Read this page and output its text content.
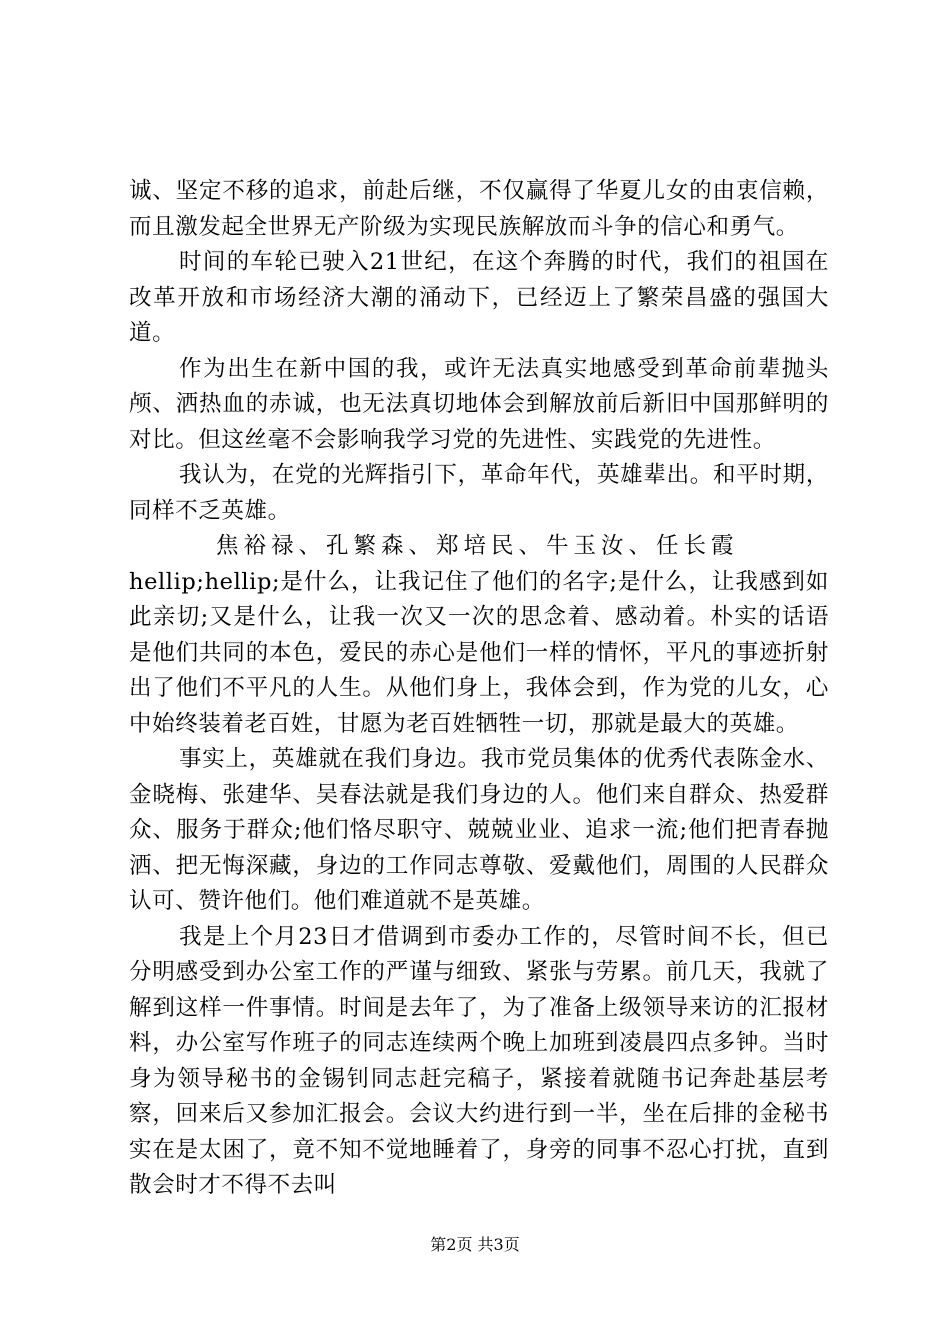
诚、坚定不移的追求，前赴后继，不仅赢得了华夏儿女的由衷信赖，而且激发起全世界无产阶级为实现民族解放而斗争的信心和勇气。

时间的车轮已驶入21世纪，在这个奔腾的时代，我们的祖国在改革开放和市场经济大潮的涌动下，已经迈上了繁荣昌盛的强国大道。

作为出生在新中国的我，或许无法真实地感受到革命前辈抛头颅、洒热血的赤诚，也无法真切地体会到解放前后新旧中国那鲜明的对比。但这丝毫不会影响我学习党的先进性、实践党的先进性。

我认为，在党的光辉指引下，革命年代，英雄辈出。和平时期，同样不乏英雄。

焦裕禄、孔繁森、郑培民、牛玉汝、任长霞

hellip;hellip;是什么，让我记住了他们的名字;是什么，让我感到如此亲切;又是什么，让我一次又一次的思念着、感动着。朴实的话语是他们共同的本色，爱民的赤心是他们一样的情怀，平凡的事迹折射出了他们不平凡的人生。从他们身上，我体会到，作为党的儿女，心中始终装着老百姓，甘愿为老百姓牺牲一切，那就是最大的英雄。

事实上，英雄就在我们身边。我市党员集体的优秀代表陈金水、金晓梅、张建华、吴春法就是我们身边的人。他们来自群众、热爱群众、服务于群众;他们恪尽职守、兢兢业业、追求一流;他们把青春抛洒、把无悔深藏，身边的工作同志尊敬、爱戴他们，周围的人民群众认可、赞许他们。他们难道就不是英雄。

我是上个月23日才借调到市委办工作的，尽管时间不长，但已分明感受到办公室工作的严谨与细致、紧张与劳累。前几天，我就了解到这样一件事情。时间是去年了，为了准备上级领导来访的汇报材料，办公室写作班子的同志连续两个晚上加班到凌晨四点多钟。当时身为领导秘书的金锡钊同志赶完稿子，紧接着就随书记奔赴基层考察，回来后又参加汇报会。会议大约进行到一半，坐在后排的金秘书实在是太困了，竟不知不觉地睡着了，身旁的同事不忍心打扰，直到散会时才不得不去叫

第2页 共3页
